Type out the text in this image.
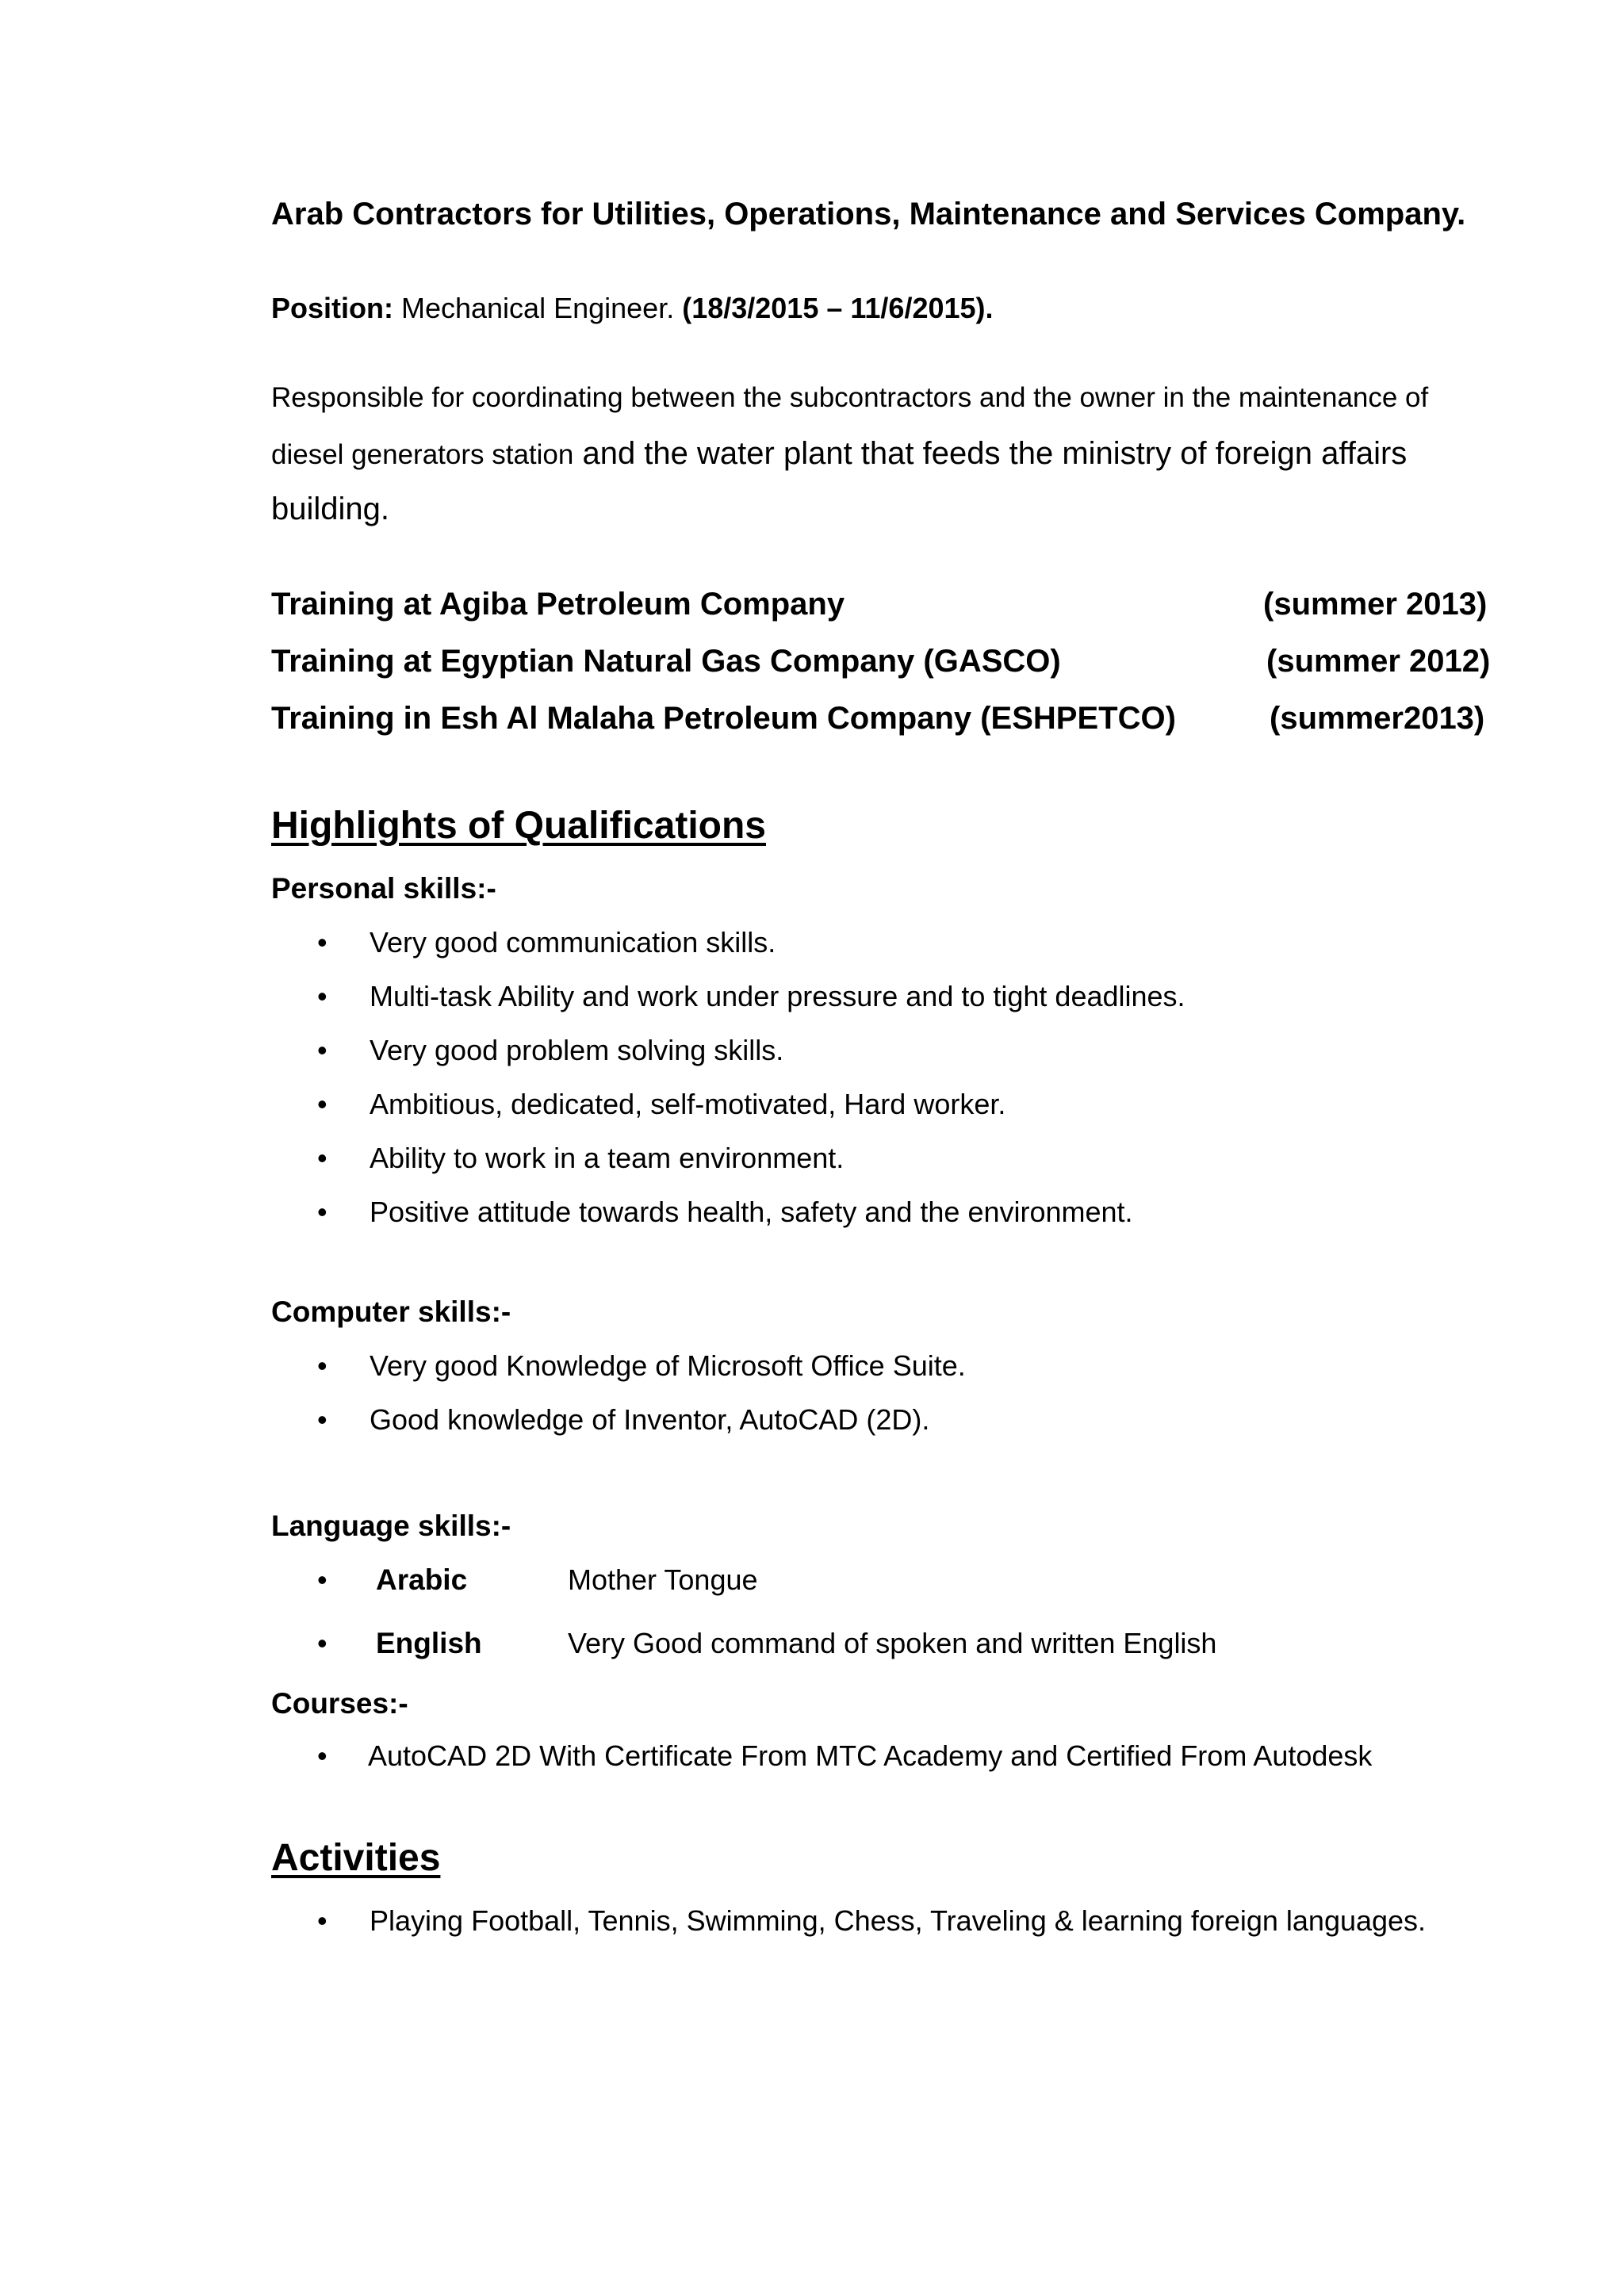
Arab Contractors for Utilities, Operations, Maintenance and Services Company.
Position: Mechanical Engineer. (18/3/2015 – 11/6/2015).
Responsible for coordinating between the subcontractors and the owner in the maintenance of
diesel generators station and the water plant that feeds the ministry of foreign affairs
building.
Training at Agiba Petroleum Company	(summer 2013)
Training at Egyptian Natural Gas Company (GASCO)	(summer 2012)
Training in Esh Al Malaha Petroleum Company (ESHPETCO)	(summer2013)
Highlights of Qualifications
Personal skills:-
• Very good communication skills.
• Multi-task Ability and work under pressure and to tight deadlines.
• Very good problem solving skills.
• Ambitious, dedicated, self-motivated, Hard worker.
• Ability to work in a team environment.
• Positive attitude towards health, safety and the environment.
Computer skills:-
• Very good Knowledge of Microsoft Office Suite.
• Good knowledge of Inventor, AutoCAD (2D).
Language skills:-
• Arabic	Mother Tongue
• English	Very Good command of spoken and written English
Courses:-
• AutoCAD 2D With Certificate From MTC Academy and Certified From Autodesk
Activities
• Playing Football, Tennis, Swimming, Chess, Traveling & learning foreign languages.
